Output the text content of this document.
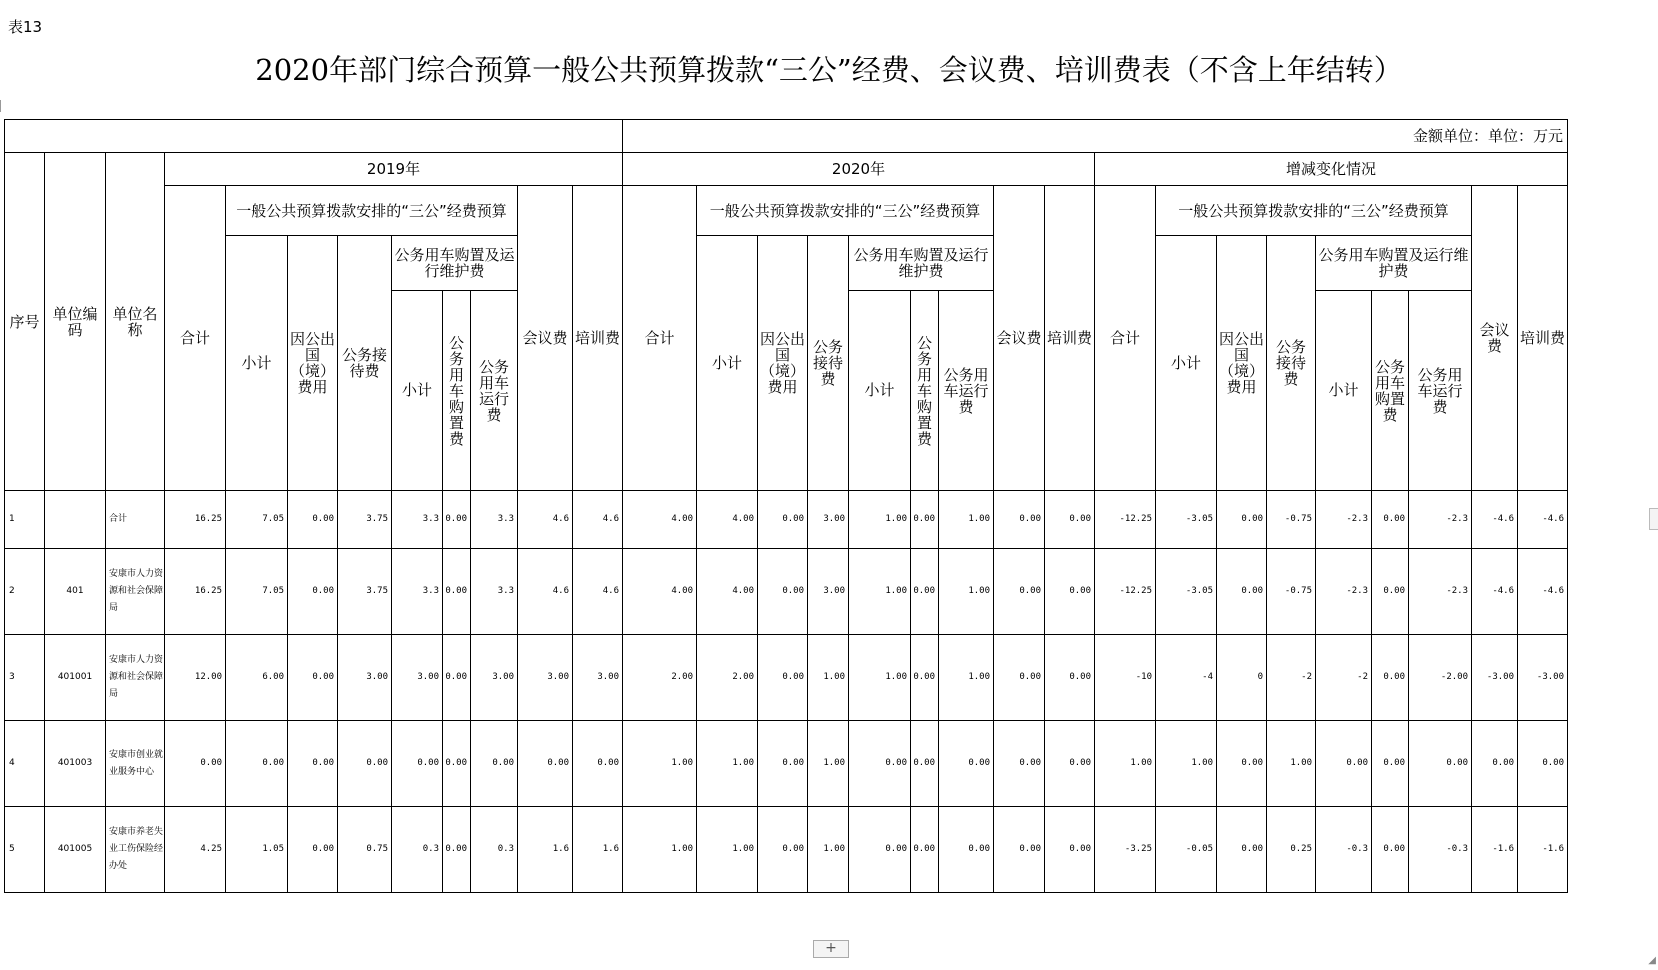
表13
2020年部门综合预算一般公共预算拨款“三公”经费、会议费、培训费表（不含上年结转）
												金额单位：单位：万元																	
序号	单位编码	单位名称	2019年									2020年									增减变化情况								
			合计	一般公共预算拨款安排的“三公”经费预算						会议费	培训费	合计	一般公共预算拨款安排的“三公”经费预算						会议费	培训费	合计	一般公共预算拨款安排的“三公”经费预算						会议费	培训费
				小计	因公出国（境）费用	公务接待费	公务用车购置及运行维护费						小计	因公出国（境）费用	公务接待费	公务用车购置及运行维护费						小计	因公出国（境）费用	公务接待费	公务用车购置及运行维护费				
							小计	公务用车购置费	公务用车运行费							小计	公务用车购置费	公务用车运行费							小计	公务用车购置费	公务用车运行费		

1		合计	16.25	7.05	0.00	3.75	3.3	0.00	3.3	4.6	4.6	4.00	4.00	0.00	3.00	1.00	0.00	1.00	0.00	0.00	-12.25	-3.05	0.00	-0.75	-2.3	0.00	-2.3	-4.6	-4.6
2	401	安康市人力资源和社会保障局	16.25	7.05	0.00	3.75	3.3	0.00	3.3	4.6	4.6	4.00	4.00	0.00	3.00	1.00	0.00	1.00	0.00	0.00	-12.25	-3.05	0.00	-0.75	-2.3	0.00	-2.3	-4.6	-4.6
3	401001	安康市人力资源和社会保障局	12.00	6.00	0.00	3.00	3.00	0.00	3.00	3.00	3.00	2.00	2.00	0.00	1.00	1.00	0.00	1.00	0.00	0.00	-10	-4	0	-2	-2	0.00	-2.00	-3.00	-3.00
4	401003	安康市创业就业服务中心	0.00	0.00	0.00	0.00	0.00	0.00	0.00	0.00	0.00	1.00	1.00	0.00	1.00	0.00	0.00	0.00	0.00	0.00	1.00	1.00	0.00	1.00	0.00	0.00	0.00	0.00	0.00
5	401005	安康市养老失业工伤保险经办处	4.25	1.05	0.00	0.75	0.3	0.00	0.3	1.6	1.6	1.00	1.00	0.00	1.00	0.00	0.00	0.00	0.00	0.00	-3.25	-0.05	0.00	0.25	-0.3	0.00	-0.3	-1.6	-1.6
+
◢
